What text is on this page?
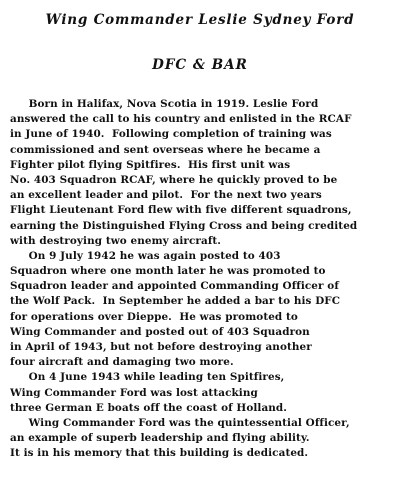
Wing Commander Leslie Sydney Ford
DFC & BAR
Born in Halifax, Nova Scotia in 1919. Leslie Ford
answered the call to his country and enlisted in the RCAF
in June of 1940.  Following completion of training was
commissioned and sent overseas where he became a
Fighter pilot flying Spitfires.  His first unit was
No. 403 Squadron RCAF, where he quickly proved to be
an excellent leader and pilot.  For the next two years
Flight Lieutenant Ford flew with five different squadrons,
earning the Distinguished Flying Cross and being credited
with destroying two enemy aircraft.
On 9 July 1942 he was again posted to 403
Squadron where one month later he was promoted to
Squadron leader and appointed Commanding Officer of
the Wolf Pack.  In September he added a bar to his DFC
for operations over Dieppe.  He was promoted to
Wing Commander and posted out of 403 Squadron
in April of 1943, but not before destroying another
four aircraft and damaging two more.
On 4 June 1943 while leading ten Spitfires,
Wing Commander Ford was lost attacking
three German E boats off the coast of Holland.
Wing Commander Ford was the quintessential Officer,
an example of superb leadership and flying ability.
It is in his memory that this building is dedicated.
